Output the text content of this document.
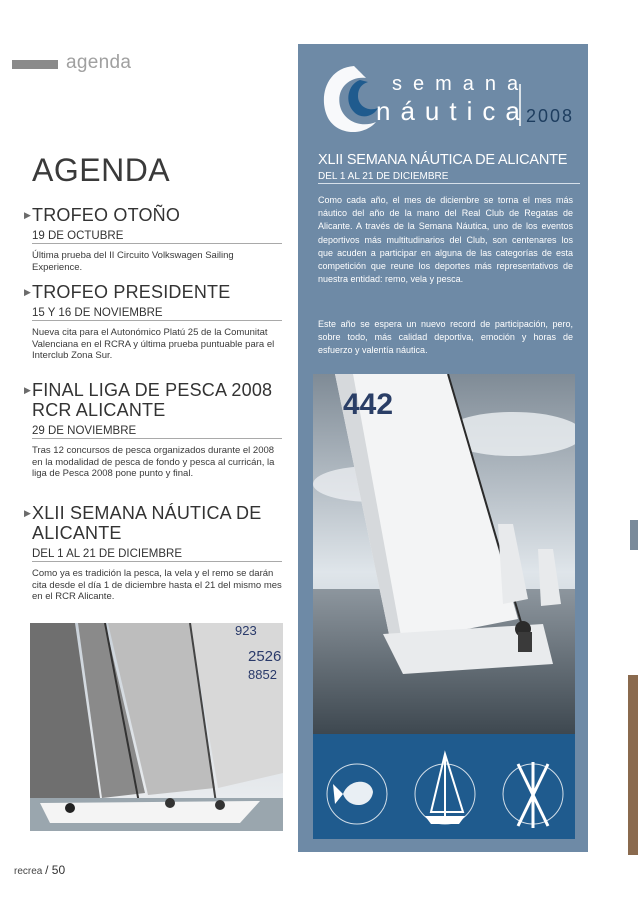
agenda
AGENDA
▶ TROFEO OTOÑO
19 DE OCTUBRE
Última prueba del II Circuito Volkswagen Sailing Experience.
▶ TROFEO PRESIDENTE
15 Y 16 DE NOVIEMBRE
Nueva cita para el Autonómico Platú 25 de la Comunitat Valenciana en el RCRA y última prueba puntuable para el Interclub Zona Sur.
▶ FINAL LIGA DE PESCA 2008 RCR ALICANTE
29 DE NOVIEMBRE
Tras 12 concursos de pesca organizados durante el 2008 en la modalidad de pesca de fondo y pesca al curricán, la liga de Pesca 2008 pone punto y final.
▶ XLII SEMANA NÁUTICA DE ALICANTE
DEL 1 AL 21 DE DICIEMBRE
Como ya es tradición la pesca, la vela y el remo se darán cita desde el día 1 de diciembre hasta el 21 del mismo mes en el RCR Alicante.
923
2526
8852
semana
náutica
2008
XLII SEMANA NÁUTICA DE ALICANTE
DEL 1 AL 21 DE DICIEMBRE

Como cada año, el mes de diciembre se torna el mes más náutico del año de la mano del Real Club de Regatas de Alicante. A través de la Semana Náutica, uno de los eventos deportivos más multitudinarios del Club, son centenares los que acuden a participar en alguna de las categorías de esta competición que reune los deportes más representativos de nuestra entidad: remo, vela y pesca.

Este año se espera un nuevo record de participación, pero, sobre todo, más calidad deportiva, emoción y horas de esfuerzo y valentía náutica.

442
recrea / 50
